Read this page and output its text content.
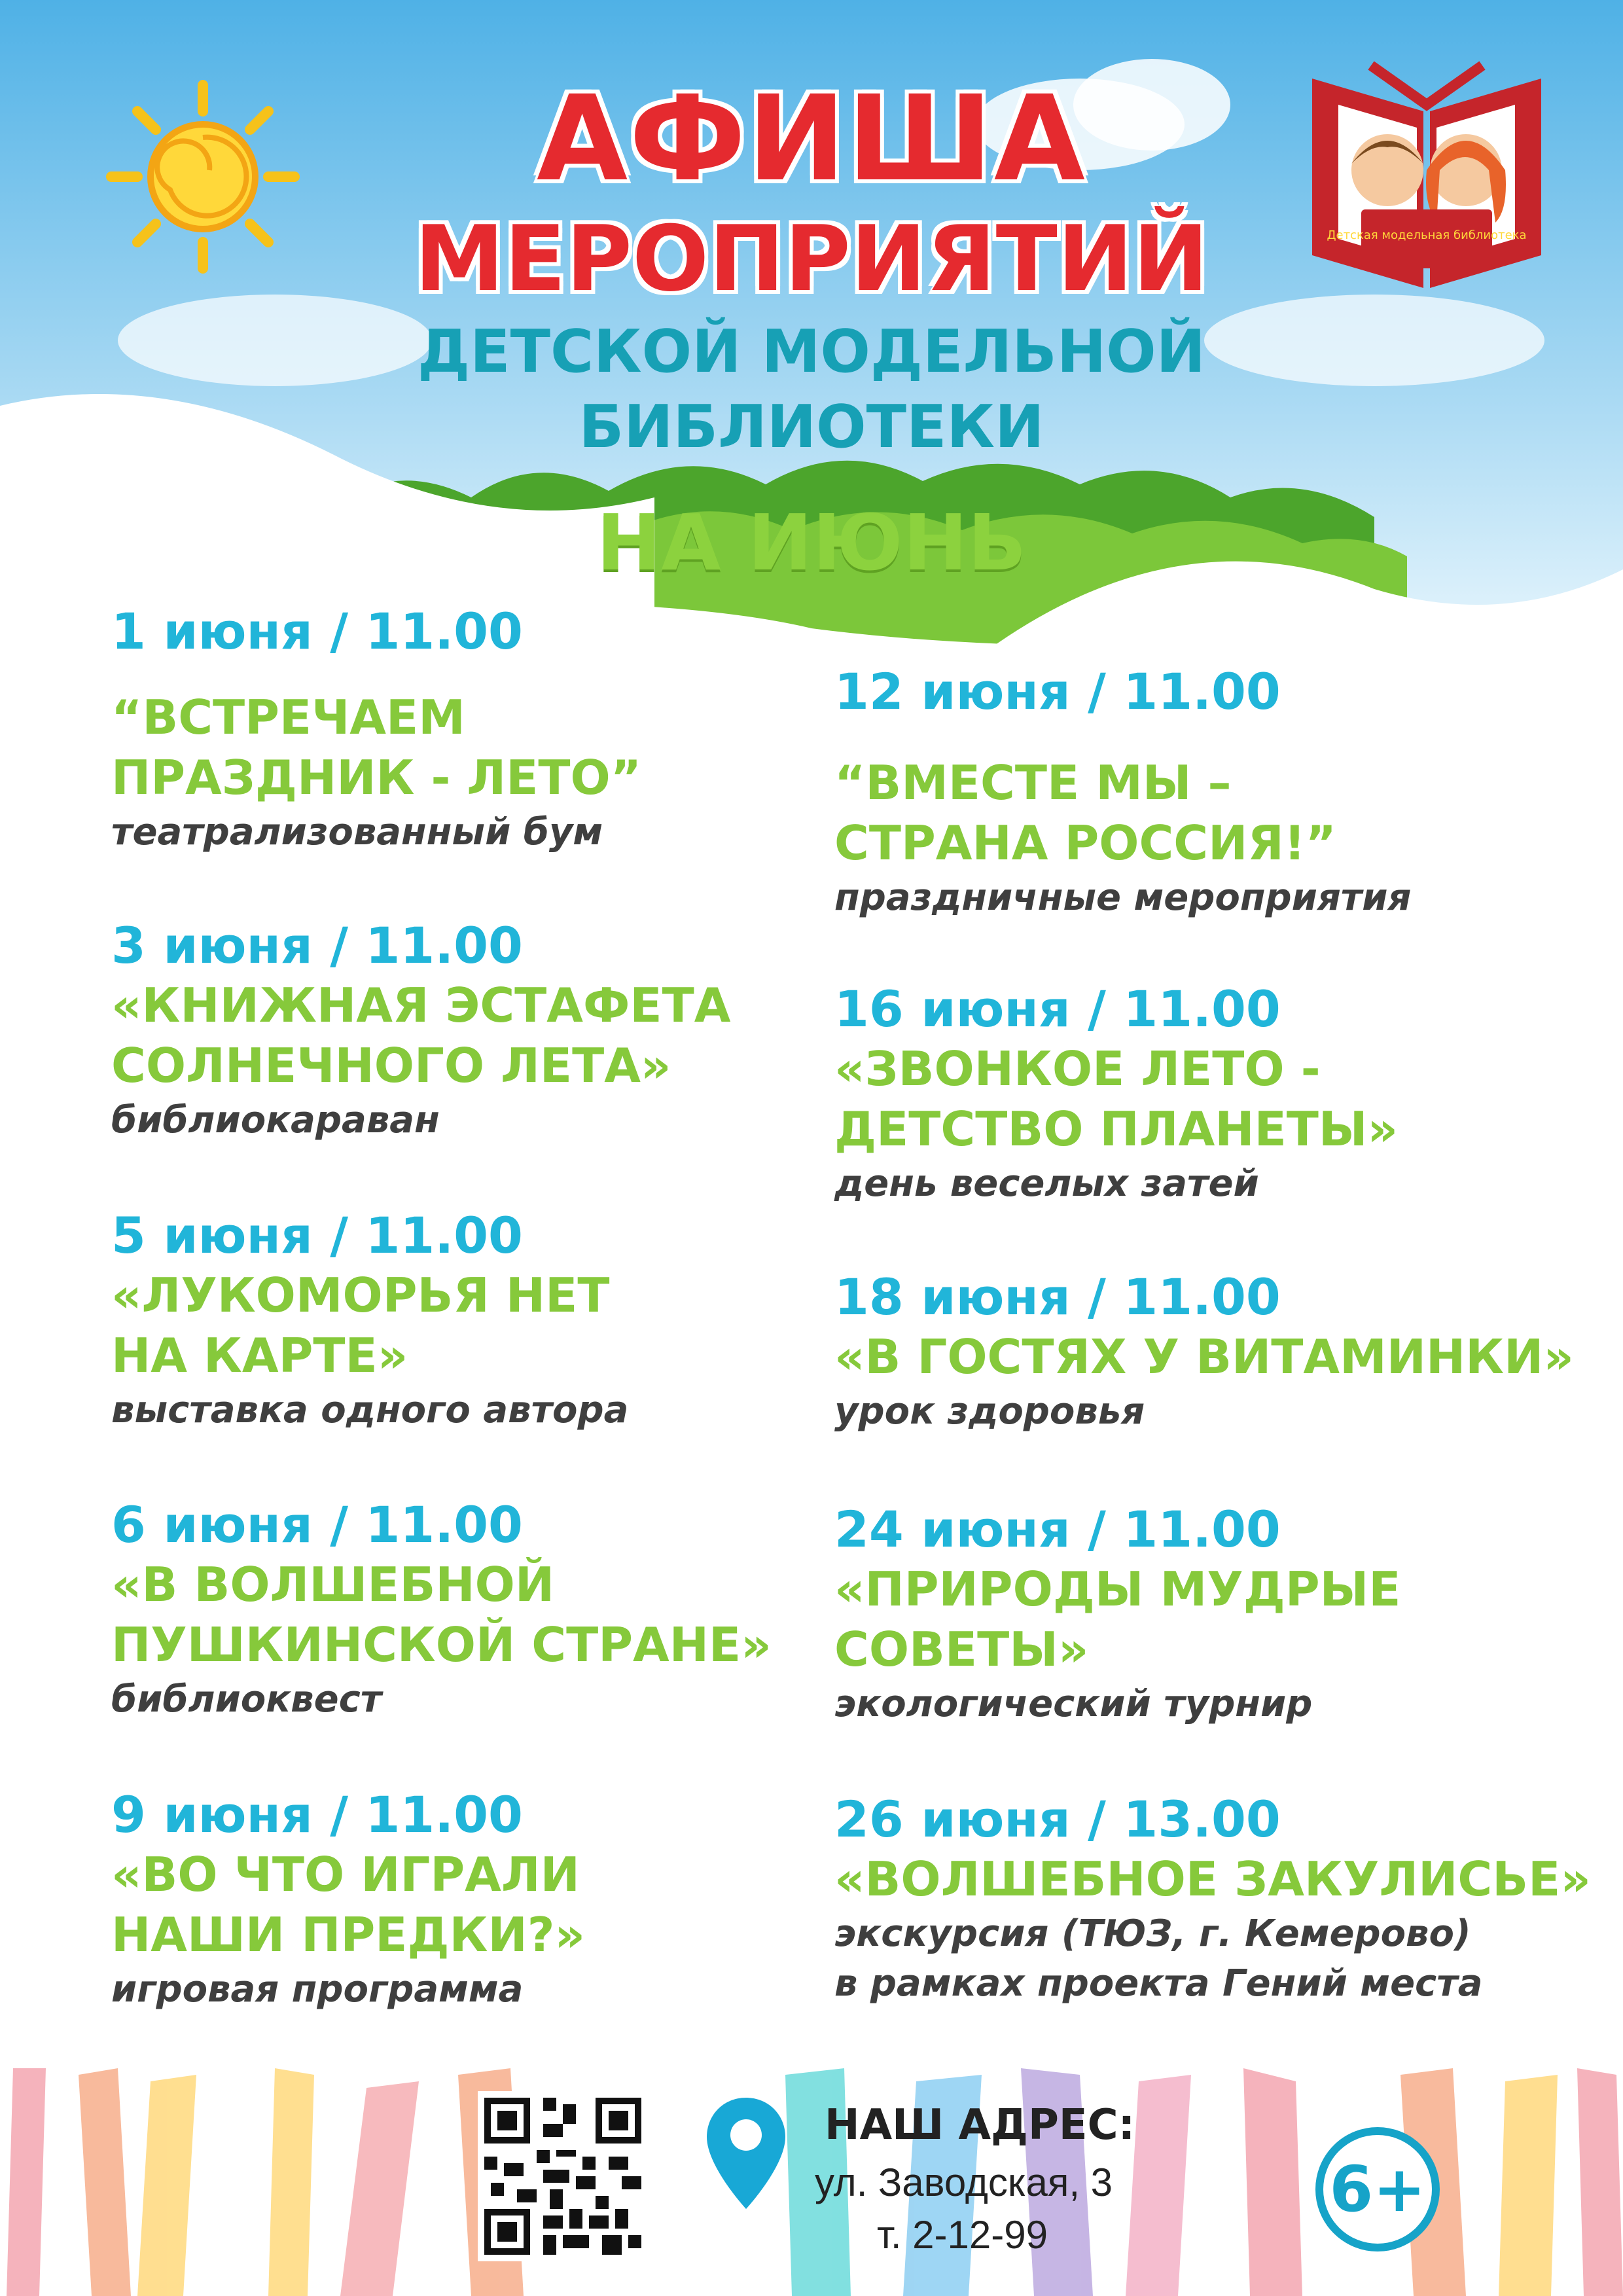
Детская модельная библиотека
АФИША
МЕРОПРИЯТИЙ
ДЕТСКОЙ МОДЕЛЬНОЙ
БИБЛИОТЕКИ
НА ИЮНЬ
1 июня / 11.00
“ВСТРЕЧАЕМ
ПРАЗДНИК - ЛЕТО”
театрализованный бум
3 июня / 11.00
«КНИЖНАЯ ЭСТАФЕТА
СОЛНЕЧНОГО ЛЕТА»
библиокараван
5 июня / 11.00
«ЛУКОМОРЬЯ НЕТ
НА КАРТЕ»
выставка одного автора
6 июня / 11.00
«В ВОЛШЕБНОЙ
ПУШКИНСКОЙ СТРАНЕ»
библиоквест
9 июня / 11.00
«ВО ЧТО ИГРАЛИ
НАШИ ПРЕДКИ?»
игровая программа
12 июня / 11.00
“ВМЕСТЕ МЫ –
СТРАНА РОССИЯ!”
праздничные мероприятия
16 июня / 11.00
«ЗВОНКОЕ ЛЕТО -
ДЕТСТВО ПЛАНЕТЫ»
день веселых затей
18 июня / 11.00
«В ГОСТЯХ У ВИТАМИНКИ»
урок здоровья
24 июня / 11.00
«ПРИРОДЫ МУДРЫЕ
СОВЕТЫ»
экологический турнир
26 июня / 13.00
«ВОЛШЕБНОЕ ЗАКУЛИСЬЕ»
экскурсия (ТЮЗ, г. Кемерово)
в рамках проекта Гений места
НАШ АДРЕС:
ул. Заводская, 3
т. 2-12-99
6+
